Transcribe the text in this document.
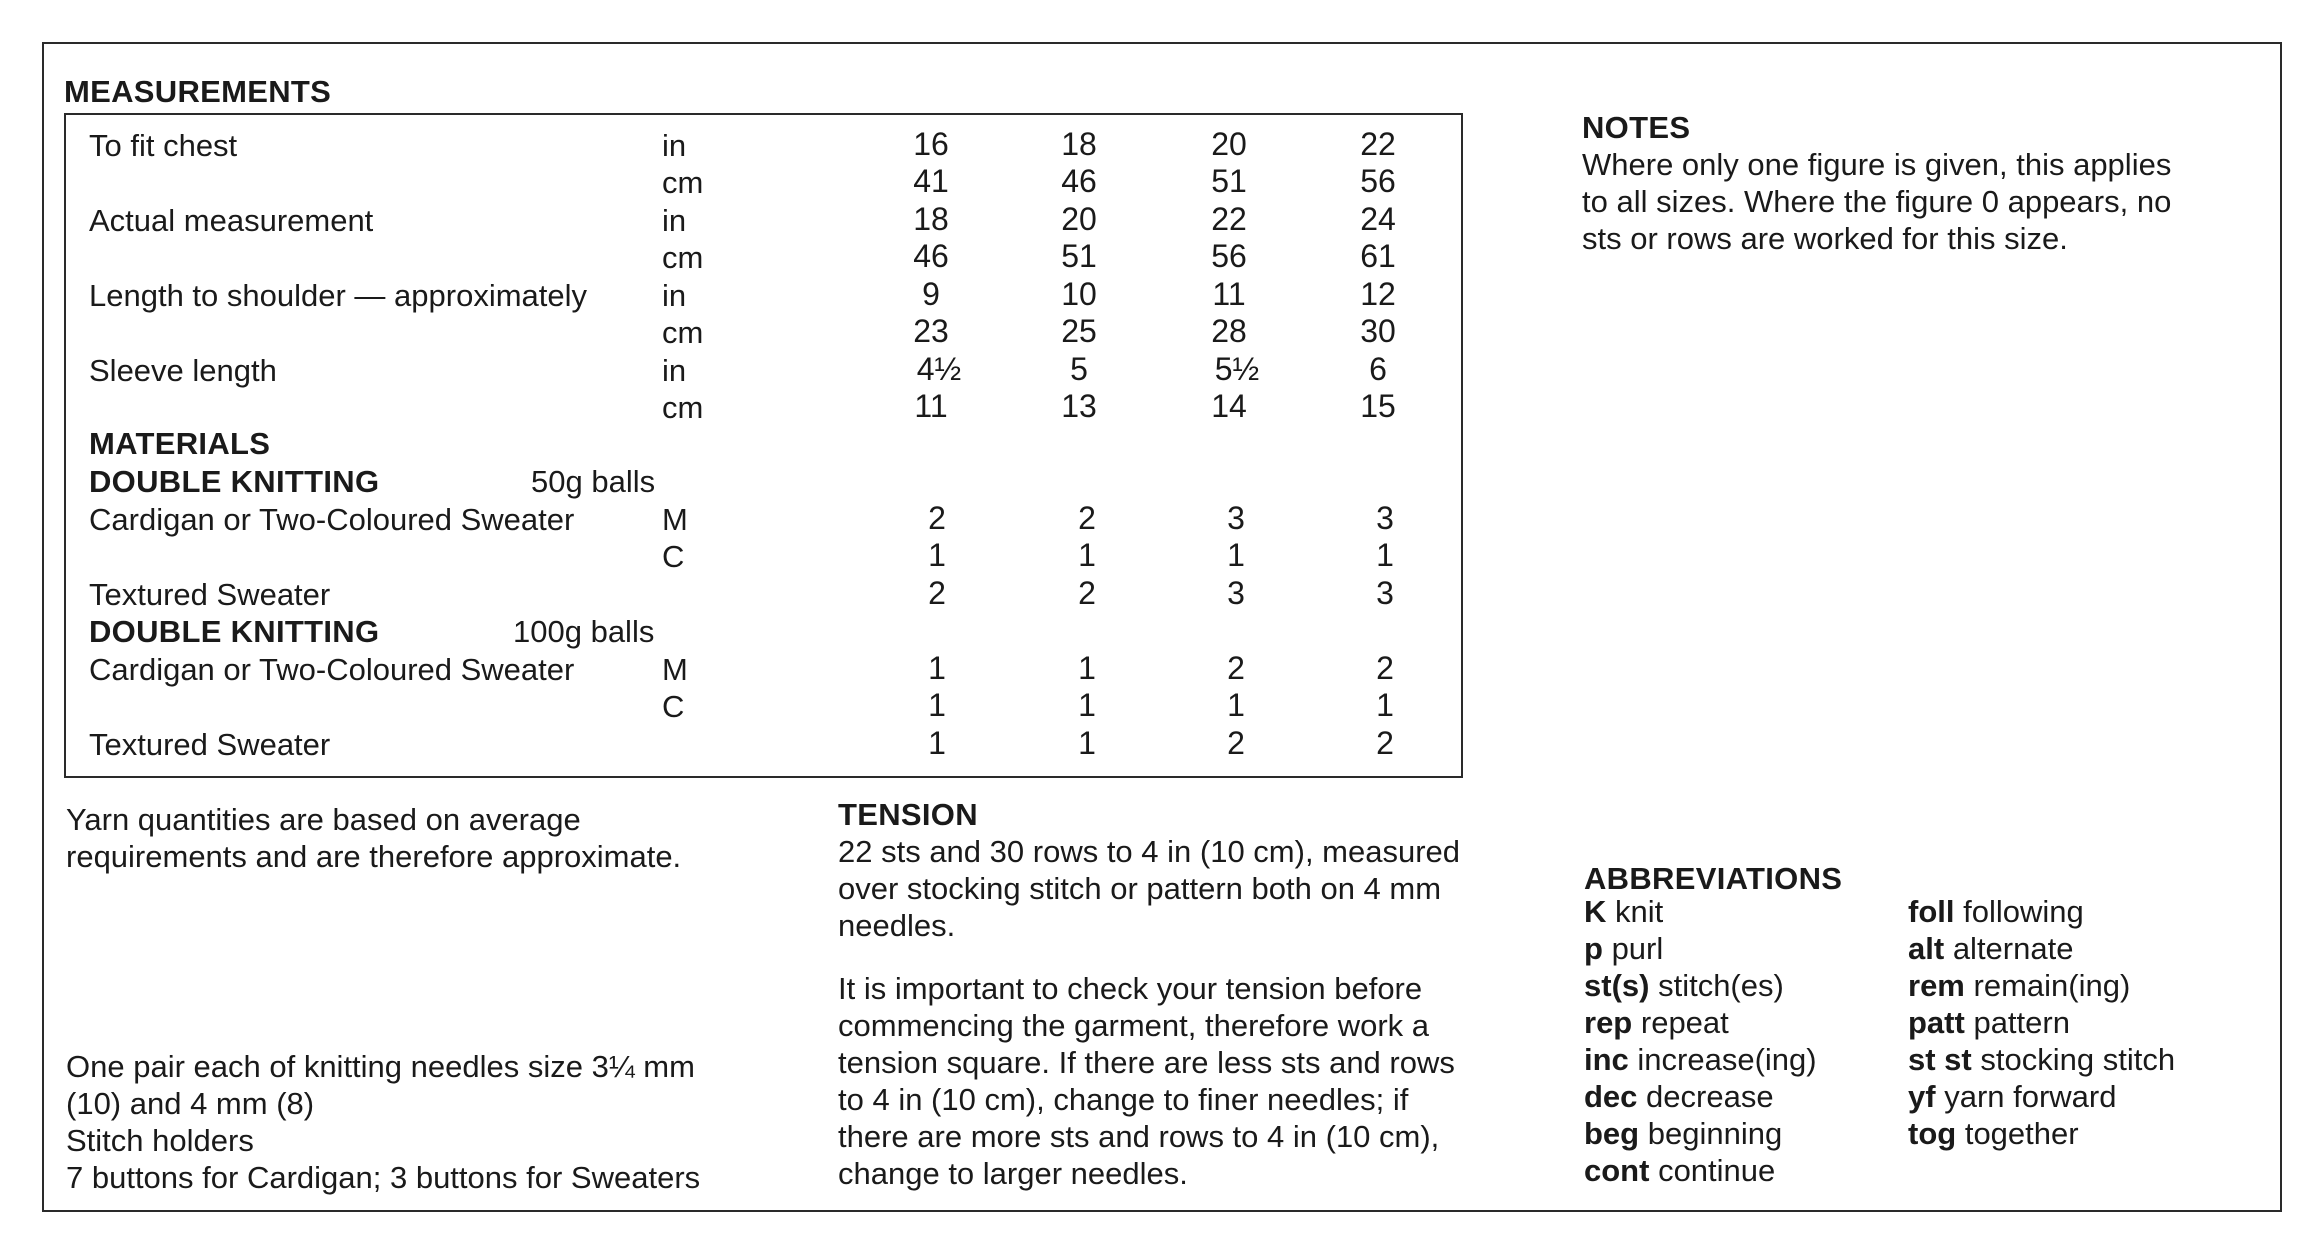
MEASUREMENTS
To fit chest	in	16	18	20	22
cm	41	46	51	56
Actual measurement	in	18	20	22	24
cm	46	51	56	61
Length to shoulder — approximately in	9	10	11	12
cm	23	25	28	30
Sleeve length	in	4½	5	5½	6
cm	11	13	14	15
MATERIALS
DOUBLE KNITTING	50g balls
Cardigan or Two-Coloured Sweater	M	2	2	3	3
C	1	1	1	1
Textured Sweater	2	2	3	3
DOUBLE KNITTING	100g balls
Cardigan or Two-Coloured Sweater	M	1	1	2	2
C	1	1	1	1
Textured Sweater	1	1	2	2
Yarn quantities are based on average
requirements and are therefore approximate.
One pair each of knitting needles size 3¼ mm
(10) and 4 mm (8)
Stitch holders
7 buttons for Cardigan; 3 buttons for Sweaters
TENSION
22 sts and 30 rows to 4 in (10 cm), measured
over stocking stitch or pattern both on 4 mm
needles.
It is important to check your tension before
commencing the garment, therefore work a
tension square. If there are less sts and rows
to 4 in (10 cm), change to finer needles; if
there are more sts and rows to 4 in (10 cm),
change to larger needles.
NOTES
Where only one figure is given, this applies
to all sizes. Where the figure 0 appears, no
sts or rows are worked for this size.
ABBREVIATIONS
K knit
p purl
st(s) stitch(es)
rep repeat
inc increase(ing)
dec decrease
beg beginning
cont continue
foll following
alt alternate
rem remain(ing)
patt pattern
st st stocking stitch
yf yarn forward
tog together
